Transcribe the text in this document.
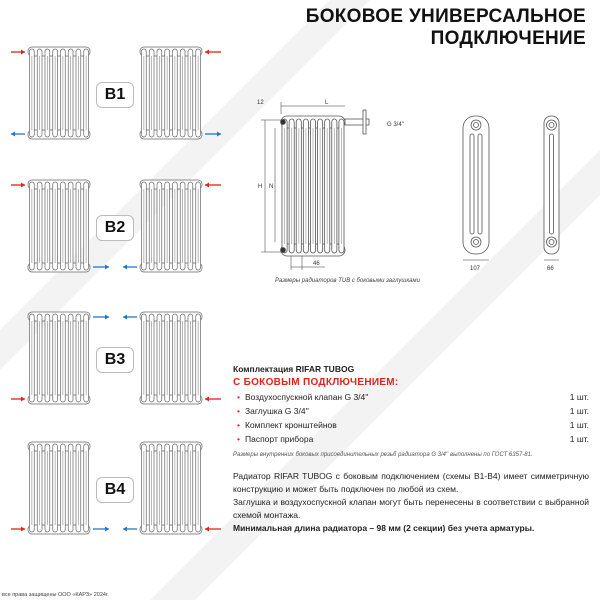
БОКОВОЕ УНИВЕРСАЛЬНОЕ
ПОДКЛЮЧЕНИЕ
B1
B2
B3
B4
12	L
H N
46
G 3/4''
107	66
Размеры радиаторов TUB с боковыми заглушками
Комплектация RIFAR TUBOG
С БОКОВЫМ ПОДКЛЮЧЕНИЕМ:
• Воздухоспускной клапан G 3/4''	1 шт.
• Заглушка G 3/4''	1 шт.
• Комплект кронштейнов	1 шт.
• Паспорт прибора	1 шт.
Размеры внутренних боковых присоединительных резьб радиатора G 3/4'' выполнены по ГОСТ 6357-81.
Радиатор RIFAR TUBOG с боковым подключением (схемы В1-В4) имеет симметричную конструкцию и может быть подключен по любой из схем.
Заглушка и воздухоспускной клапан могут быть перенесены в соответствии с выбранной схемой монтажа.
Минимальная длина радиатора – 98 мм (2 секции) без учета арматуры.
все права защищены ООО «КАРЗ» 2024г.
